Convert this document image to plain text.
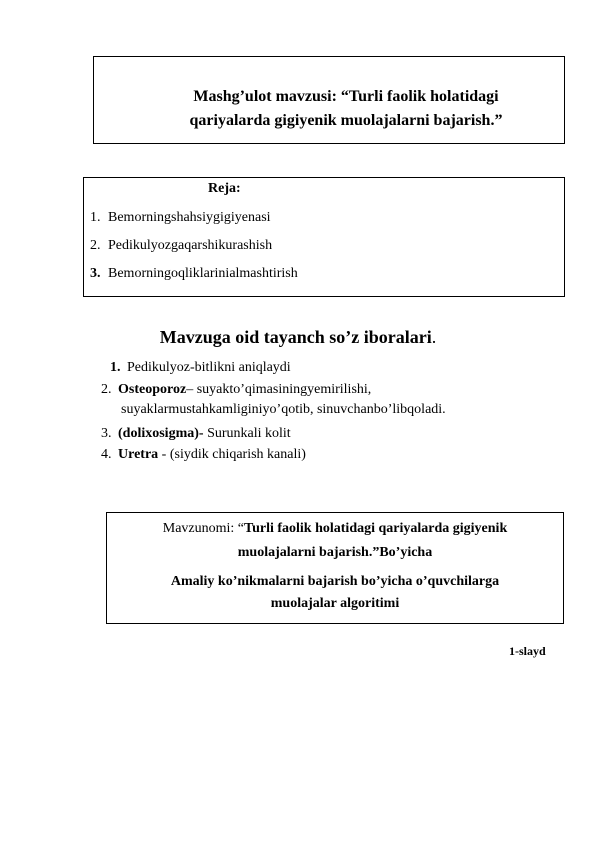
Mashg’ulot mavzusi: “Turli faolik holatidagi
qariyalarda gigiyenik muolajalarni bajarish.”
Reja:
1. Bemorningshahsiygigiyenasi
2. Pedikulyozgaqarshikurashish
3. Bemorningoqliklarinialmashtirish
Mavzuga oid tayanch so’z iboralari.
1. Pedikulyoz-bitlikni aniqlaydi
2. Osteoporoz– suyakto’qimasiningyemirilishi,
suyaklarmustahkamliginiyo’qotib, sinuvchanbo’libqoladi.
3. (dolixosigma)- Surunkali kolit
4. Uretra - (siydik chiqarish kanali)
Mavzunomi: “Turli faolik holatidagi qariyalarda gigiyenik
muolajalarni bajarish.”Bo’yicha
Amaliy ko’nikmalarni bajarish bo’yicha o’quvchilarga
muolajalar algoritimi
1-slayd
